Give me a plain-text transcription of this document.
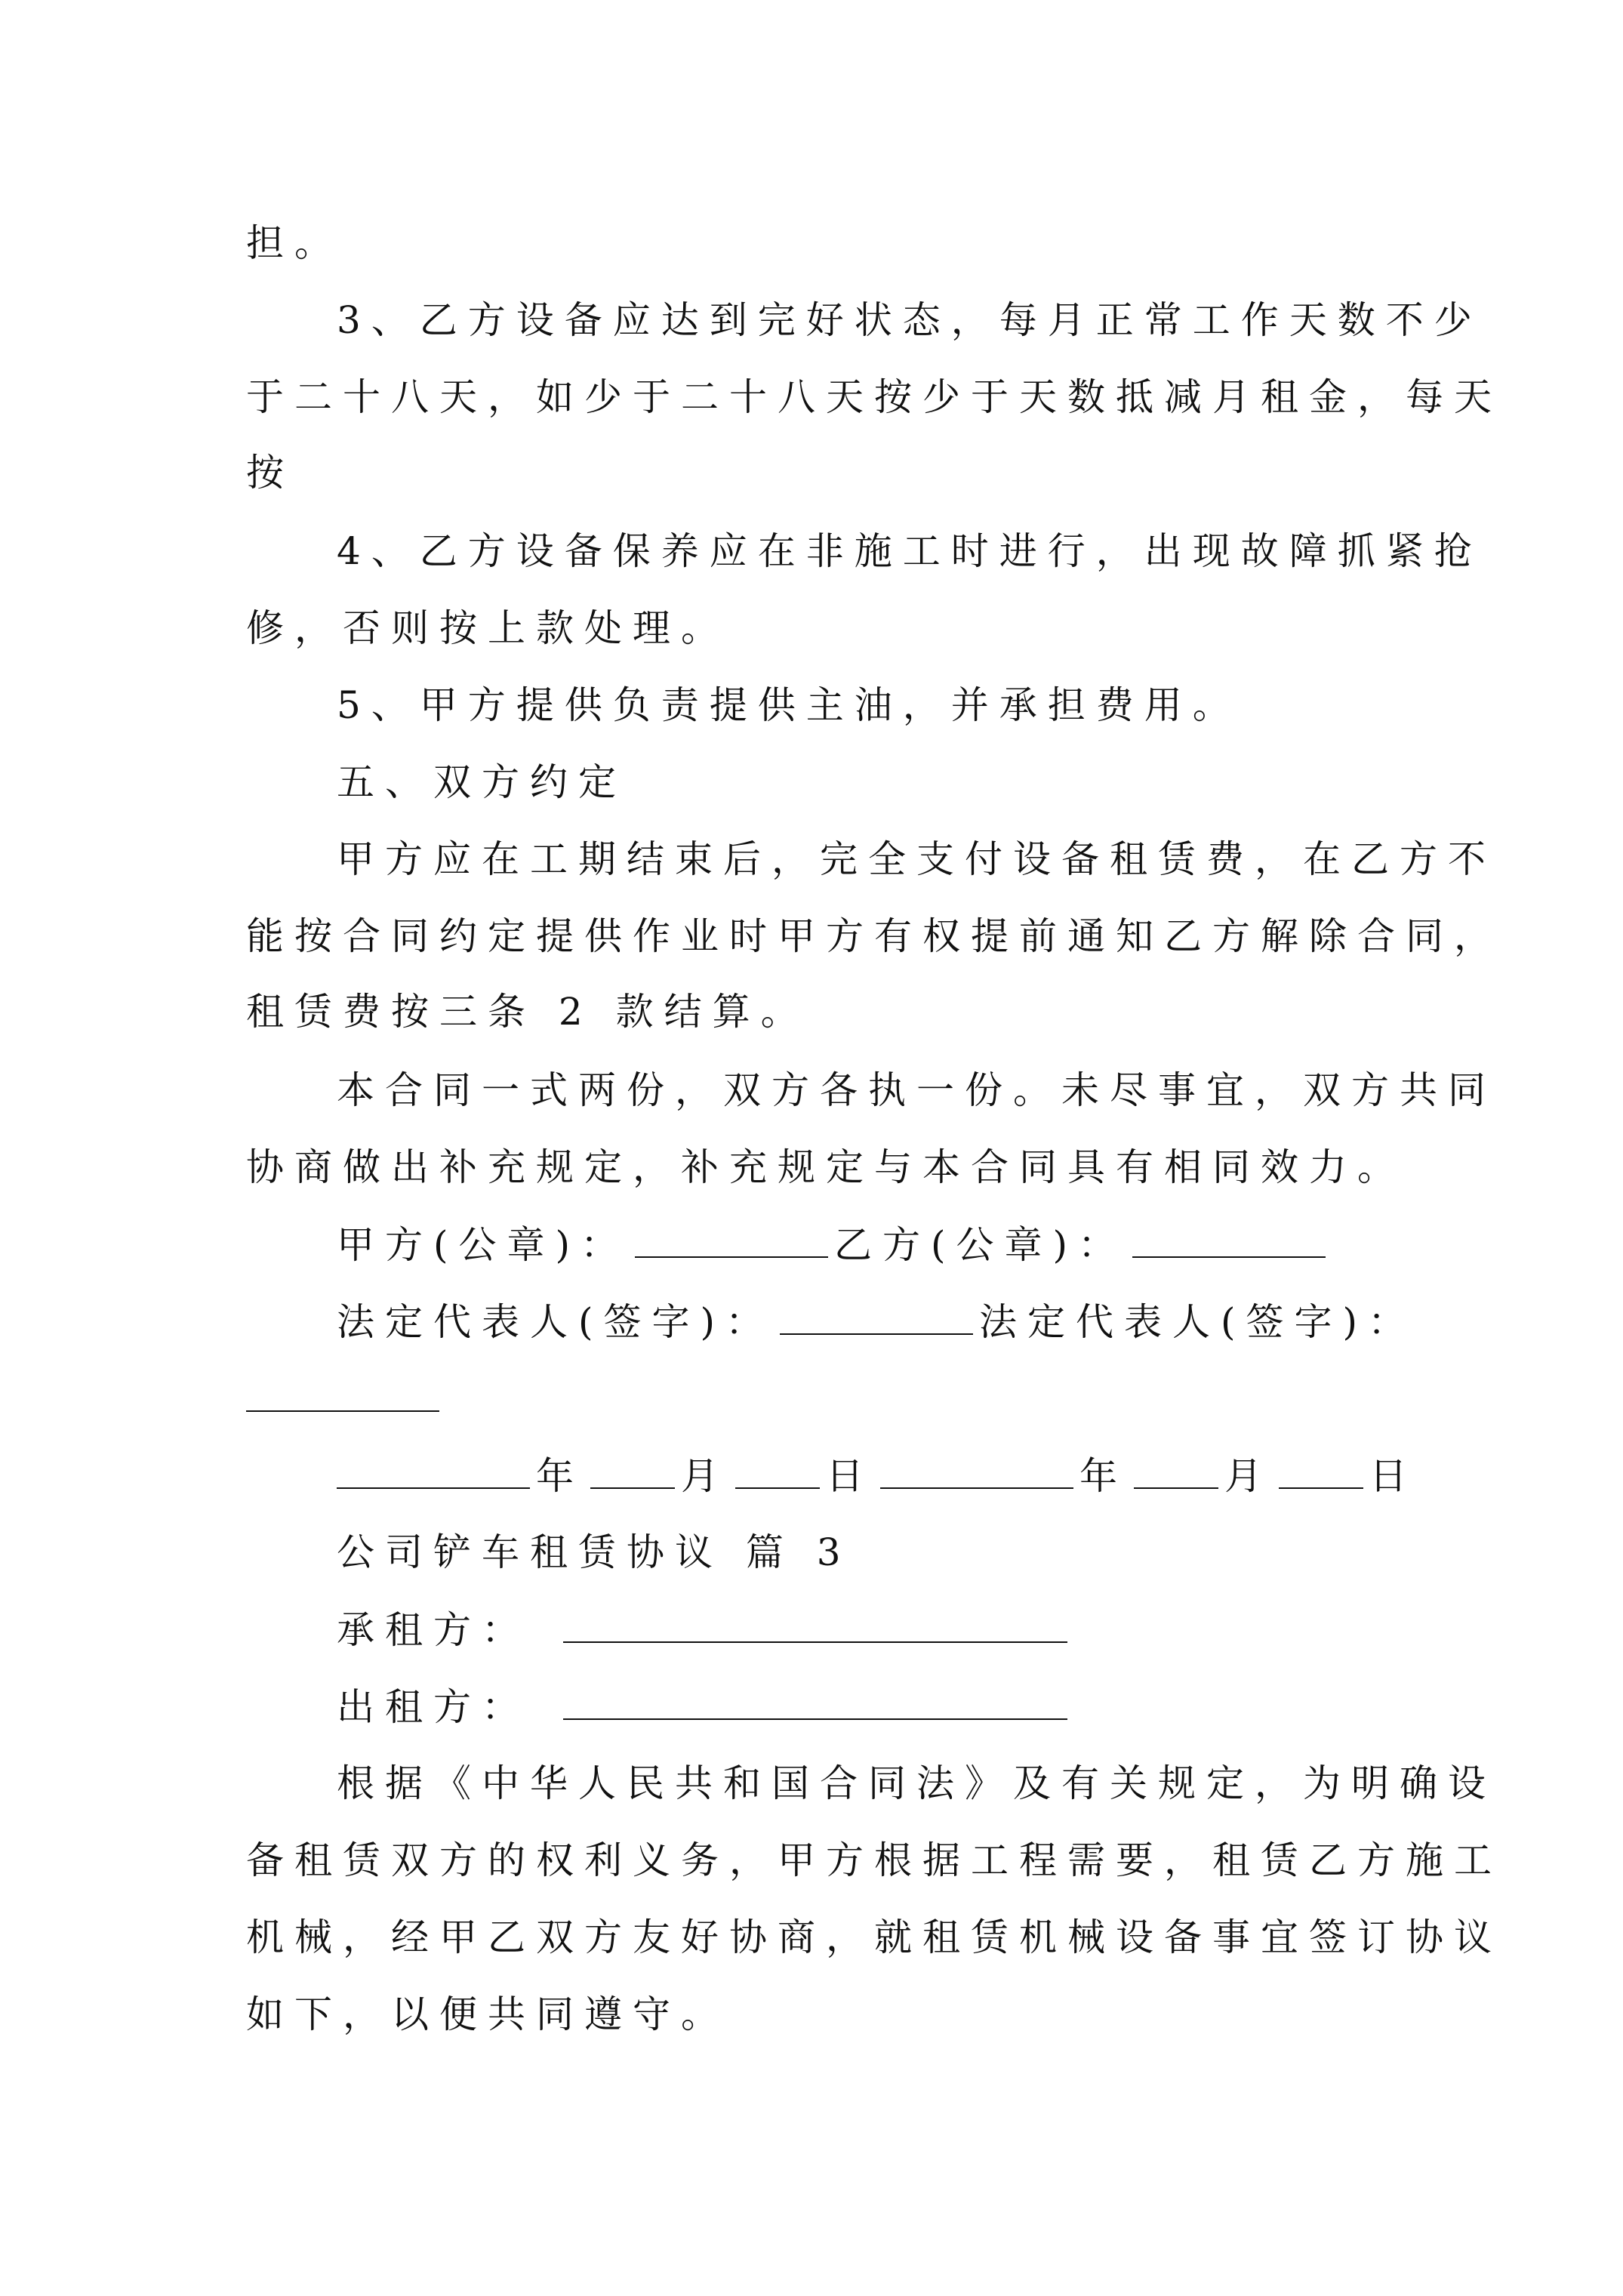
担。
3、乙方设备应达到完好状态，每月正常工作天数不少
于二十八天，如少于二十八天按少于天数抵减月租金，每天
按
4、乙方设备保养应在非施工时进行，出现故障抓紧抢
修，否则按上款处理。
5、甲方提供负责提供主油，并承担费用。
五、双方约定
甲方应在工期结束后，完全支付设备租赁费，在乙方不
能按合同约定提供作业时甲方有权提前通知乙方解除合同，
租赁费按三条 2 款结算。
本合同一式两份，双方各执一份。未尽事宜，双方共同
协商做出补充规定，补充规定与本合同具有相同效力。
甲方(公章)：	乙方(公章)：
法定代表人(签字)：	法定代表人(签字)：
年	月	日	年	月	日
公司铲车租赁协议 篇 3
承租方：
出租方：
根据《中华人民共和国合同法》及有关规定，为明确设
备租赁双方的权利义务，甲方根据工程需要，租赁乙方施工
机械，经甲乙双方友好协商，就租赁机械设备事宜签订协议
如下，以便共同遵守。
